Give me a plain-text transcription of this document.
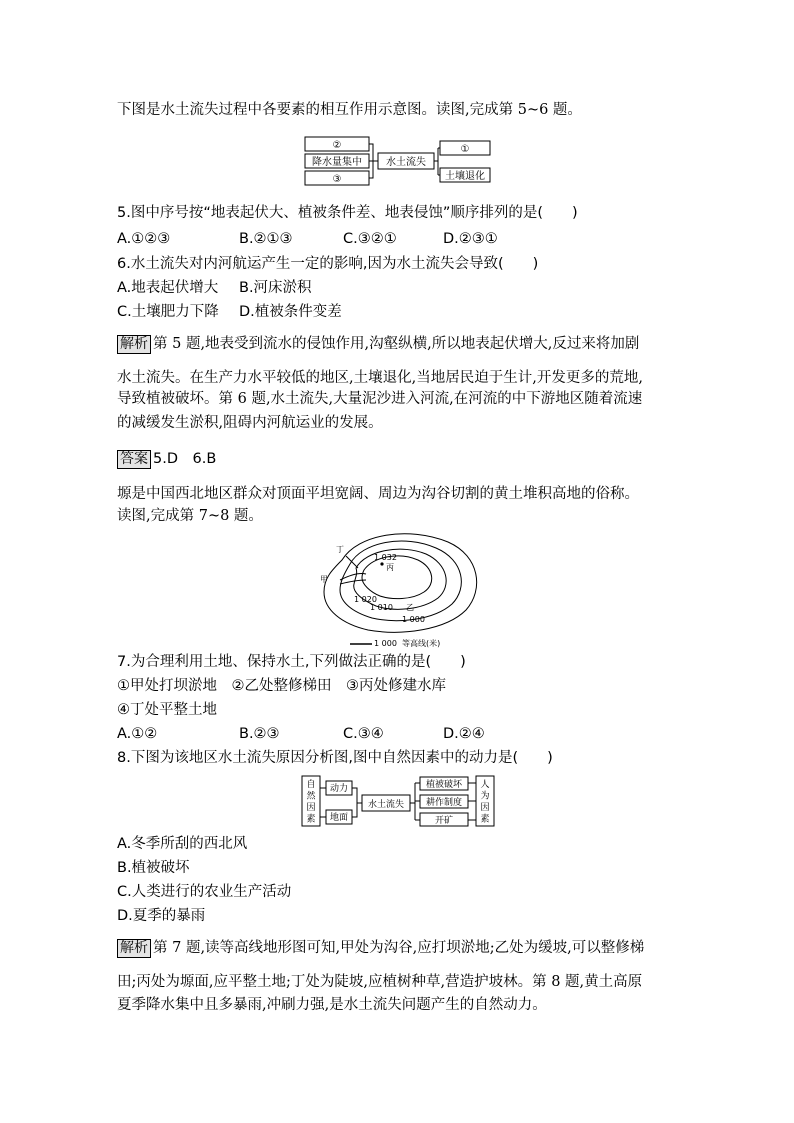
下图是水土流失过程中各要素的相互作用示意图。读图,完成第 5~6 题。
②
降水量集中
③
水土流失
①
土壤退化
5.图中序号按“地表起伏大、植被条件差、地表侵蚀”顺序排列的是(　　)
A.①②③	B.②①③	C.③②①	D.②③①
6.水土流失对内河航运产生一定的影响,因为水土流失会导致(　　)
A.地表起伏增大 B.河床淤积
C.土壤肥力下降 D.植被条件变差
解析 第 5 题,地表受到流水的侵蚀作用,沟壑纵横,所以地表起伏增大,反过来将加剧
水土流失。在生产力水平较低的地区,土壤退化,当地居民迫于生计,开发更多的荒地,
导致植被破坏。第 6 题,水土流失,大量泥沙进入河流,在河流的中下游地区随着流速
的减缓发生淤积,阻碍内河航运业的发展。
答案 5.D　6.B
塬是中国西北地区群众对顶面平坦宽阔、周边为沟谷切割的黄土堆积高地的俗称。
读图,完成第 7~8 题。
丁
甲
丙
乙
1 032
1 020
1 010
1 000
1 000 等高线(米)
7.为合理利用土地、保持水土,下列做法正确的是(　　)
①甲处打坝淤地　②乙处整修梯田　③丙处修建水库
④丁处平整土地
A.①②	B.②③	C.③④	D.②④
8.下图为该地区水土流失原因分析图,图中自然因素中的动力是(　　)
自然因素
人为因素
动力
地面
水土流失
植被破坏
耕作制度
开矿
A.冬季所刮的西北风
B.植被破坏
C.人类进行的农业生产活动
D.夏季的暴雨
解析 第 7 题,读等高线地形图可知,甲处为沟谷,应打坝淤地;乙处为缓坡,可以整修梯
田;丙处为塬面,应平整土地;丁处为陡坡,应植树种草,营造护坡林。第 8 题,黄土高原
夏季降水集中且多暴雨,冲刷力强,是水土流失问题产生的自然动力。
